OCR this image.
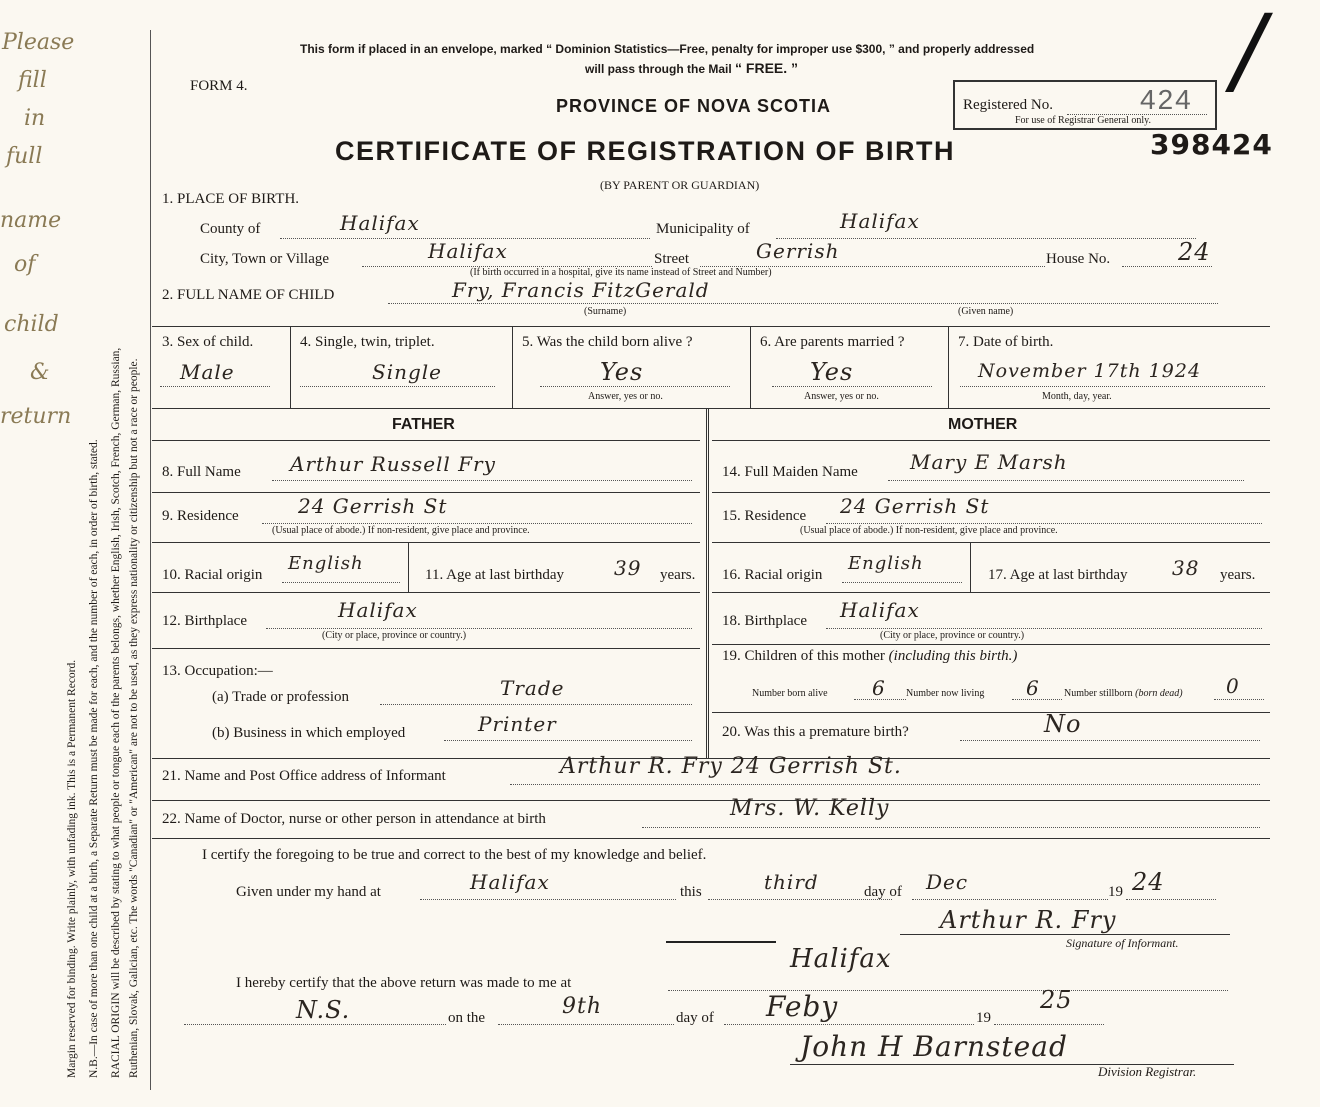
Please
fill
in
full
name
of
child
&
return
Margin reserved for binding. Write plainly, with unfading ink. This is a Permanent Record. N.B.—In case of more than one child at a birth, a Separate Return must be made for each, and the number of each, in order of birth, stated. RACIAL ORIGIN will be described by stating to what people or tongue each of the parents belongs, whether English, Irish, Scotch, French, German, Russian, Ruthenian, Slovak, Galician, etc. The words "Canadian" or "American" are not to be used, as they express nationality or citizenship but not a race or people.
This form if placed in an envelope, marked “ Dominion Statistics—Free, penalty for improper use $300, ” and properly addressed
will pass through the Mail “ FREE. ”
FORM 4.
PROVINCE OF NOVA SCOTIA	Registered No.	424
For use of Registrar General only.
/
398424
CERTIFICATE OF REGISTRATION OF BIRTH
(BY PARENT OR GUARDIAN)
1. PLACE OF BIRTH.
County of	Halifax	Municipality of	Halifax
City, Town or Village	Halifax	Street	Gerrish	House No.	24
(If birth occurred in a hospital, give its name instead of Street and Number)
2. FULL NAME OF CHILD	Fry, Francis FitzGerald
(Surname)	(Given name)
3. Sex of child.
Male
4. Single, twin, triplet.
Single
5. Was the child born alive ?
Yes
Answer, yes or no.
6. Are parents married ?
Yes
Answer, yes or no.
7. Date of birth.
November 17th 1924
Month, day, year.
FATHER	MOTHER
8. Full Name Arthur Russell Fry
9. Residence	24 Gerrish St
(Usual place of abode.) If non-resident, give place and province.
10. Racial origin
English
11. Age at last birthday	39 years.
12. Birthplace	Halifax
(City or place, province or country.)
13. Occupation:—
(a) Trade or profession	Trade
(b) Business in which employed	Printer
14. Full Maiden Name	Mary E Marsh
15. Residence 24 Gerrish St
(Usual place of abode.) If non-resident, give place and province.
16. Racial origin
English
17. Age at last birthday 38 years.
18. Birthplace Halifax
(City or place, province or country.)
19. Children of this mother (including this birth.)
Number born alive 6 Number now living 6 Number stillborn (born dead) 0
20. Was this a premature birth?	No
21. Name and Post Office address of Informant	Arthur R. Fry 24 Gerrish St.
22. Name of Doctor, nurse or other person in attendance at birth	Mrs. W. Kelly
I certify the foregoing to be true and correct to the best of my knowledge and belief.
Given under my hand at	Halifax	this	third	day of Dec	19 24
Arthur R. Fry
Signature of Informant.
I hereby certify that the above return was made to me at
Halifax
N.S.	on the	9th	day of Feby	19
25
John H Barnstead
Division Registrar.
